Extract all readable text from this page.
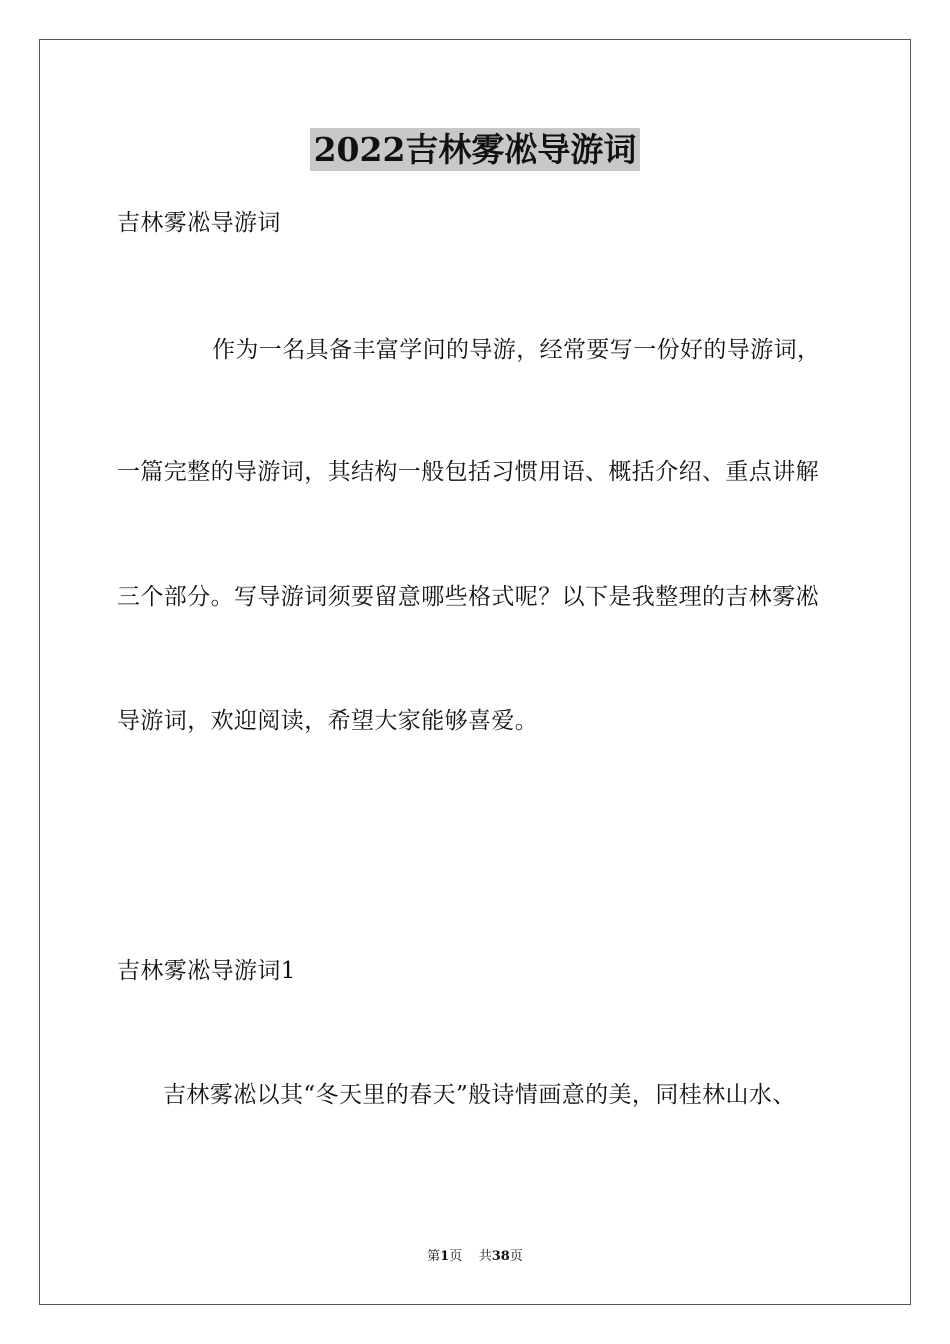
2022吉林雾凇导游词
吉林雾凇导游词
作为一名具备丰富学问的导游，经常要写一份好的导游词，
一篇完整的导游词，其结构一般包括习惯用语、概括介绍、重点讲解
三个部分。写导游词须要留意哪些格式呢？以下是我整理的吉林雾凇
导游词，欢迎阅读，希望大家能够喜爱。
吉林雾凇导游词1
吉林雾凇以其“冬天里的春天”般诗情画意的美，同桂林山水、
第1页 共38页
